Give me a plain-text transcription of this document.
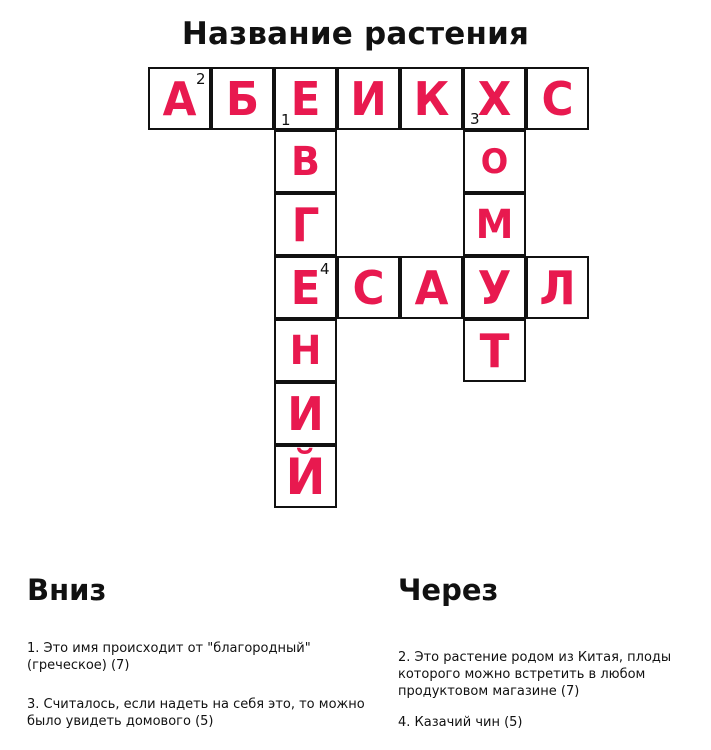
Название растения
2
1	3
4
А Б Е И К Х С
В
Г
Е
Н
И
Й
О
М
У
Т
С А Л
Вниз	Через
1. Это имя происходит от "благородный" (греческое) (7)
3. Считалось, если надеть на себя это, то можно было увидеть домового (5)
2. Это растение родом из Китая, плоды которого можно встретить в любом продуктовом магазине (7)
4. Казачий чин (5)
